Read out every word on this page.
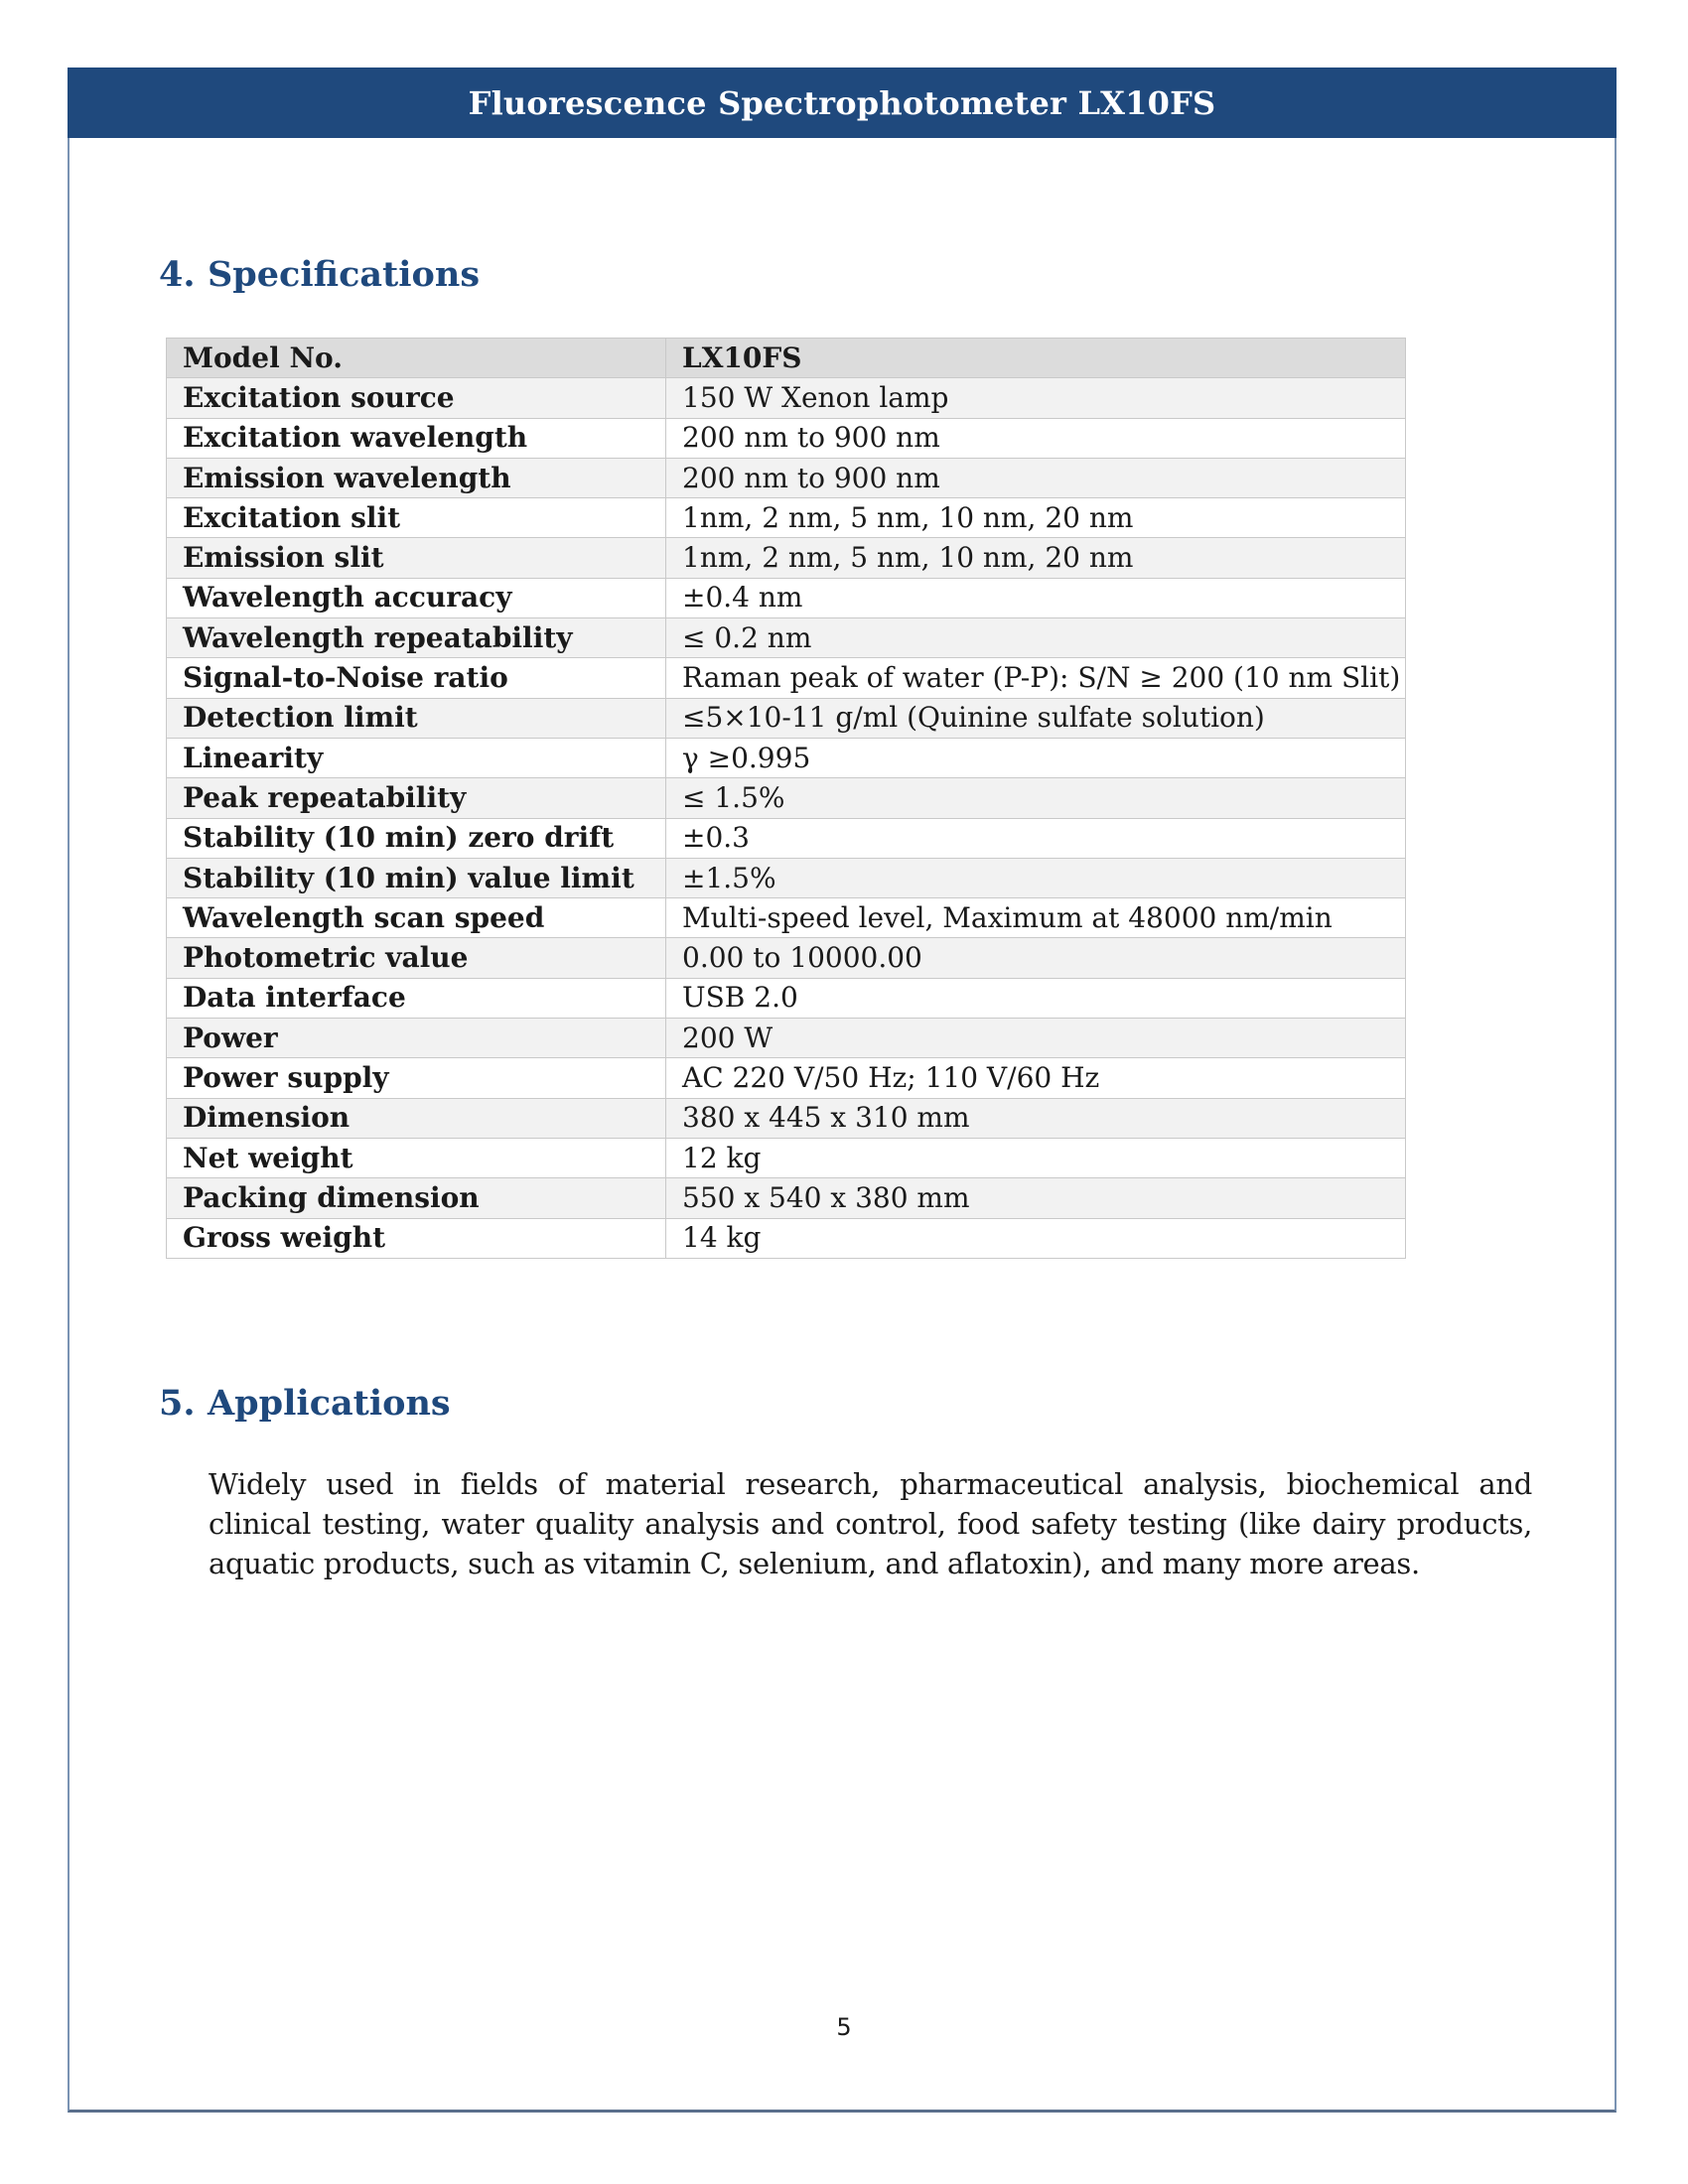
Fluorescence Spectrophotometer LX10FS
4. Specifications
Model No.	LX10FS
Excitation source	150 W Xenon lamp
Excitation wavelength	200 nm to 900 nm
Emission wavelength	200 nm to 900 nm
Excitation slit	1nm, 2 nm, 5 nm, 10 nm, 20 nm
Emission slit	1nm, 2 nm, 5 nm, 10 nm, 20 nm
Wavelength accuracy	±0.4 nm
Wavelength repeatability	≤ 0.2 nm
Signal-to-Noise ratio	Raman peak of water (P-P): S/N ≥ 200 (10 nm Slit)
Detection limit	≤5×10-11 g/ml (Quinine sulfate solution)
Linearity	γ ≥0.995
Peak repeatability	≤ 1.5%
Stability (10 min) zero drift	±0.3
Stability (10 min) value limit	±1.5%
Wavelength scan speed	Multi-speed level, Maximum at 48000 nm/min
Photometric value	0.00 to 10000.00
Data interface	USB 2.0
Power	200 W
Power supply	AC 220 V/50 Hz; 110 V/60 Hz
Dimension	380 x 445 x 310 mm
Net weight	12 kg
Packing dimension	550 x 540 x 380 mm
Gross weight	14 kg
5. Applications

Widely used in fields of material research, pharmaceutical analysis, biochemical and clinical testing, water quality analysis and control, food safety testing (like dairy products, aquatic products, such as vitamin C, selenium, and aflatoxin), and many more areas.

5
